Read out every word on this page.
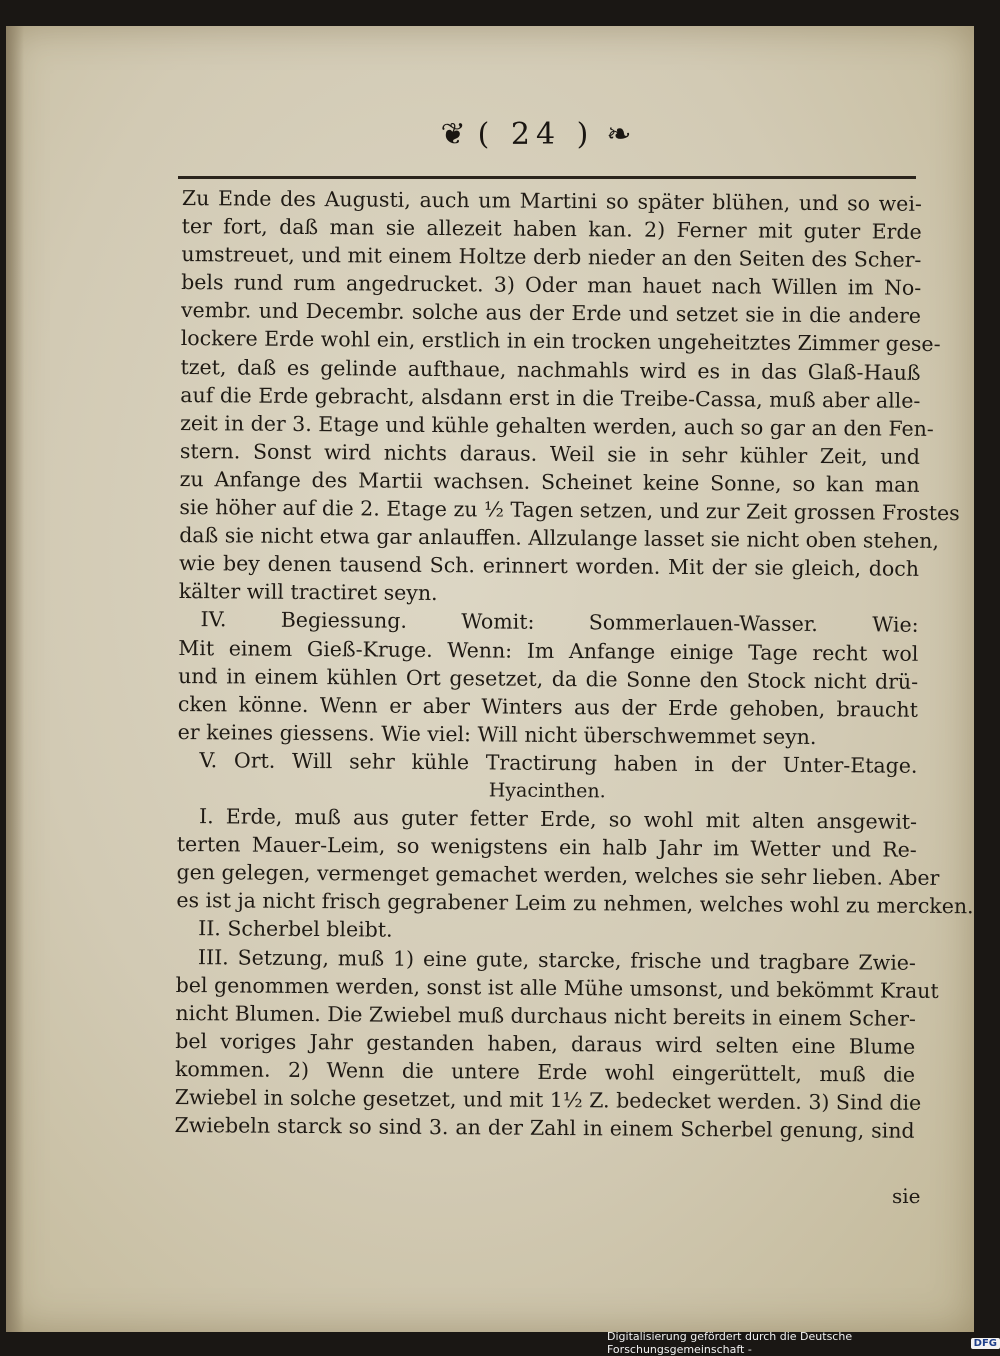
❦ ( 24 ) ❧
Zu Ende des Augusti, auch um Martini so später blühen, und so wei-
ter fort, daß man sie allezeit haben kan. 2) Ferner mit guter Erde
umstreuet, und mit einem Holtze derb nieder an den Seiten des Scher-
bels rund rum angedrucket. 3) Oder man hauet nach Willen im No-
vembr. und Decembr. solche aus der Erde und setzet sie in die andere
lockere Erde wohl ein, erstlich in ein trocken ungeheitztes Zimmer gese-
tzet, daß es gelinde aufthaue, nachmahls wird es in das Glaß-Hauß
auf die Erde gebracht, alsdann erst in die Treibe-Cassa, muß aber alle-
zeit in der 3. Etage und kühle gehalten werden, auch so gar an den Fen-
stern. Sonst wird nichts daraus. Weil sie in sehr kühler Zeit, und
zu Anfange des Martii wachsen. Scheinet keine Sonne, so kan man
sie höher auf die 2. Etage zu ½ Tagen setzen, und zur Zeit grossen Frostes
daß sie nicht etwa gar anlauffen. Allzulange lasset sie nicht oben stehen,
wie bey denen tausend Sch. erinnert worden. Mit der sie gleich, doch
kälter will tractiret seyn.
IV. Begiessung. Womit: Sommerlauen-Wasser. Wie:
Mit einem Gieß-Kruge. Wenn: Im Anfange einige Tage recht wol
und in einem kühlen Ort gesetzet, da die Sonne den Stock nicht drü-
cken könne. Wenn er aber Winters aus der Erde gehoben, braucht
er keines giessens. Wie viel: Will nicht überschwemmet seyn.
V. Ort. Will sehr kühle Tractirung haben in der Unter-Etage.
Hyacinthen.
I. Erde, muß aus guter fetter Erde, so wohl mit alten ansgewit-
terten Mauer-Leim, so wenigstens ein halb Jahr im Wetter und Re-
gen gelegen, vermenget gemachet werden, welches sie sehr lieben. Aber
es ist ja nicht frisch gegrabener Leim zu nehmen, welches wohl zu mercken.
II. Scherbel bleibt.
III. Setzung, muß 1) eine gute, starcke, frische und tragbare Zwie-
bel genommen werden, sonst ist alle Mühe umsonst, und bekömmt Kraut
nicht Blumen. Die Zwiebel muß durchaus nicht bereits in einem Scher-
bel voriges Jahr gestanden haben, daraus wird selten eine Blume
kommen. 2) Wenn die untere Erde wohl eingerüttelt, muß die
Zwiebel in solche gesetzet, und mit 1½ Z. bedecket werden. 3) Sind die
Zwiebeln starck so sind 3. an der Zahl in einem Scherbel genung, sind
sie
Digitalisierung gefördert durch die Deutsche Forschungsgemeinschaft -	DFG
